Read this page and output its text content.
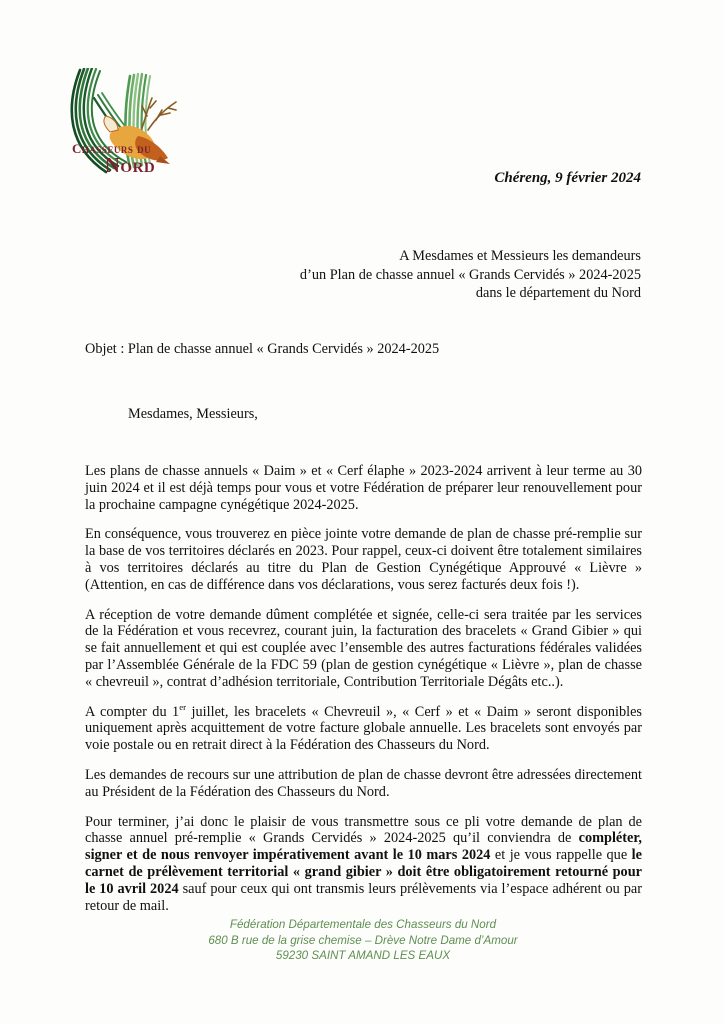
Chasseurs du
Nord
Chéreng, 9 février 2024
A Mesdames et Messieurs les demandeurs
d’un Plan de chasse annuel « Grands Cervidés » 2024-2025
dans le département du Nord
Objet : Plan de chasse annuel « Grands Cervidés » 2024-2025
Mesdames, Messieurs,

Les plans de chasse annuels « Daim » et « Cerf élaphe » 2023-2024 arrivent à leur terme au 30 juin 2024 et il est déjà temps pour vous et votre Fédération de préparer leur renouvellement pour la prochaine campagne cynégétique 2024-2025.

En conséquence, vous trouverez en pièce jointe votre demande de plan de chasse pré-remplie sur la base de vos territoires déclarés en 2023. Pour rappel, ceux-ci doivent être totalement similaires à vos territoires déclarés au titre du Plan de Gestion Cynégétique Approuvé « Lièvre » (Attention, en cas de différence dans vos déclarations, vous serez facturés deux fois !).

A réception de votre demande dûment complétée et signée, celle-ci sera traitée par les services de la Fédération et vous recevrez, courant juin, la facturation des bracelets « Grand Gibier » qui se fait annuellement et qui est couplée avec l’ensemble des autres facturations fédérales validées par l’Assemblée Générale de la FDC 59 (plan de gestion cynégétique « Lièvre », plan de chasse « chevreuil », contrat d’adhésion territoriale, Contribution Territoriale Dégâts etc..).

A compter du 1er juillet, les bracelets « Chevreuil », « Cerf » et « Daim » seront disponibles uniquement après acquittement de votre facture globale annuelle. Les bracelets sont envoyés par voie postale ou en retrait direct à la Fédération des Chasseurs du Nord.

Les demandes de recours sur une attribution de plan de chasse devront être adressées directement au Président de la Fédération des Chasseurs du Nord.

Pour terminer, j’ai donc le plaisir de vous transmettre sous ce pli votre demande de plan de chasse annuel pré-remplie « Grands Cervidés » 2024-2025 qu’il conviendra de compléter, signer et de nous renvoyer impérativement avant le 10 mars 2024 et je vous rappelle que le carnet de prélèvement territorial « grand gibier » doit être obligatoirement retourné pour le 10 avril 2024 sauf pour ceux qui ont transmis leurs prélèvements via l’espace adhérent ou par retour de mail.

Fédération Départementale des Chasseurs du Nord
680 B rue de la grise chemise – Drève Notre Dame d’Amour
59230 SAINT AMAND LES EAUX
